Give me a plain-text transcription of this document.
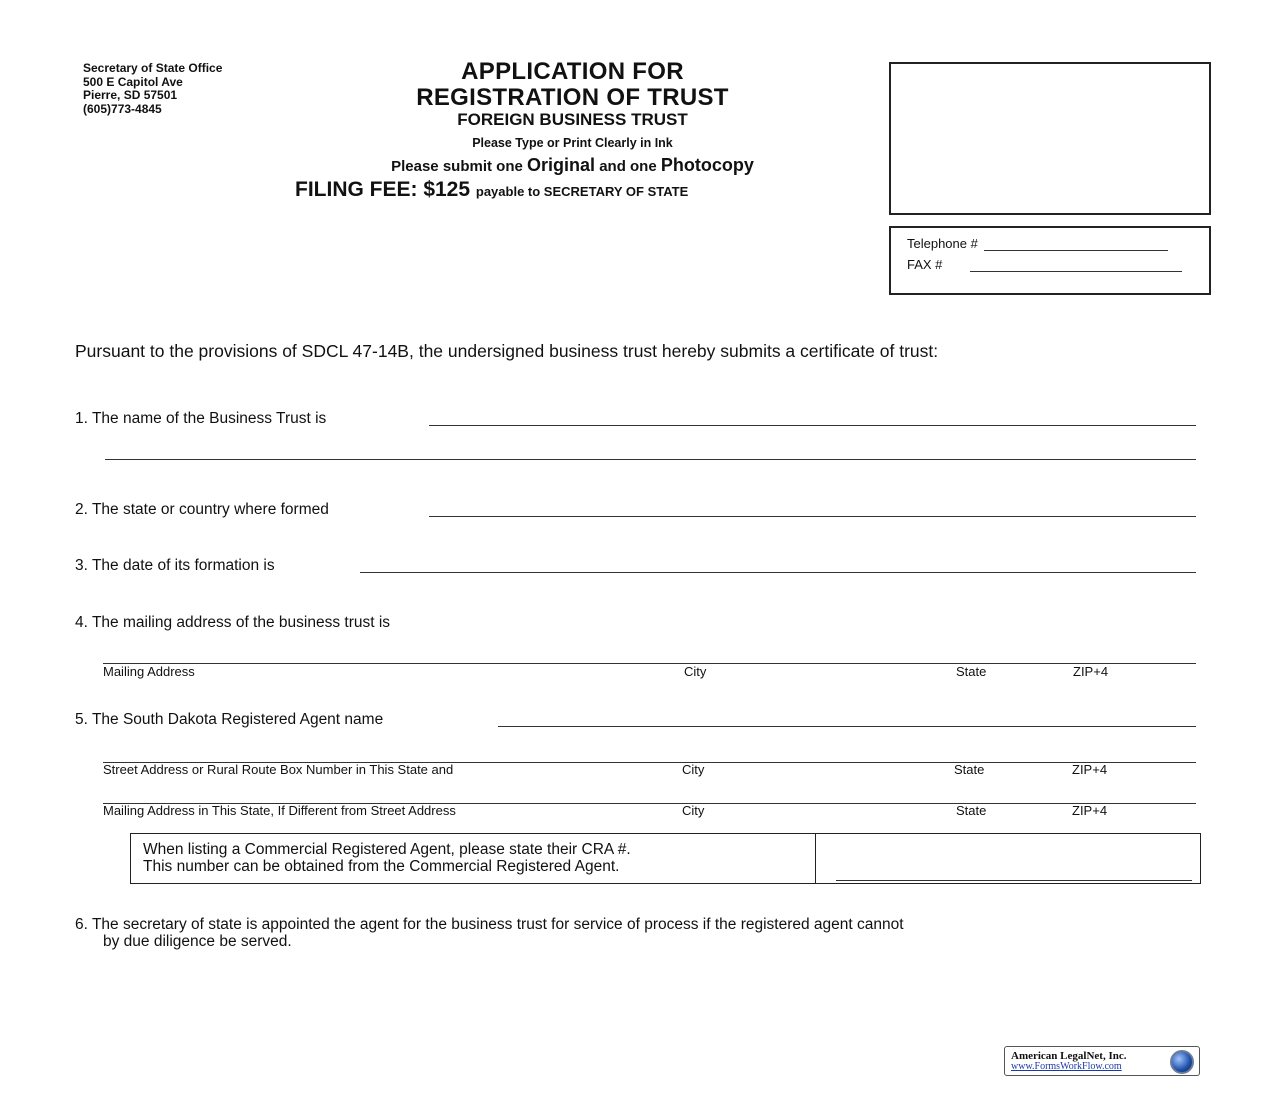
Secretary of State Office
500 E Capitol Ave
Pierre, SD 57501
(605)773-4845
APPLICATION FOR
REGISTRATION OF TRUST
FOREIGN BUSINESS TRUST
Please Type or Print Clearly in Ink
Please submit one Original and one Photocopy
FILING FEE: $125 payable to SECRETARY OF STATE
Telephone #
FAX #
Pursuant to the provisions of SDCL 47-14B, the undersigned business trust hereby submits a certificate of trust:
1. The name of the Business Trust is
2. The state or country where formed
3. The date of its formation is
4. The mailing address of the business trust is
Mailing Address	City	State	ZIP+4
5. The South Dakota Registered Agent name
Street Address or Rural Route Box Number in This State and	City	State	ZIP+4
Mailing Address in This State, If Different from Street Address	City	State	ZIP+4
When listing a Commercial Registered Agent, please state their CRA #.
This number can be obtained from the Commercial Registered Agent.
6. The secretary of state is appointed the agent for the business trust for service of process if the registered agent cannot
by due diligence be served.
American LegalNet, Inc.
www.FormsWorkFlow.com
